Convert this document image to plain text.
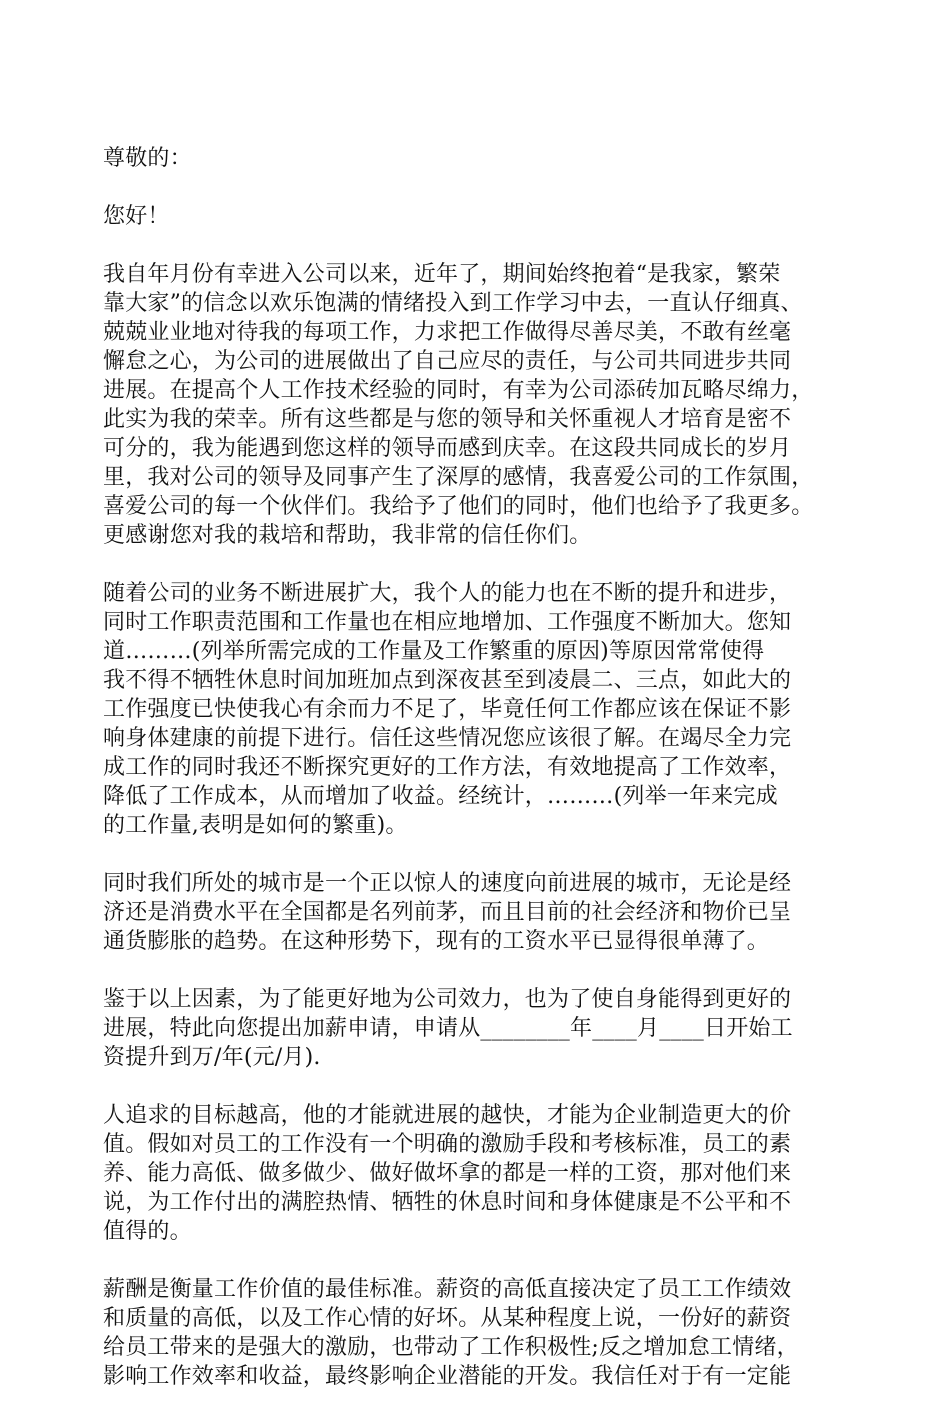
尊敬的：

您好！

我自年月份有幸进入公司以来，近年了，期间始终抱着“是我家，繁荣
靠大家”的信念以欢乐饱满的情绪投入到工作学习中去，一直认仔细真、
兢兢业业地对待我的每项工作，力求把工作做得尽善尽美，不敢有丝毫
懈怠之心，为公司的进展做出了自己应尽的责任，与公司共同进步共同
进展。在提高个人工作技术经验的同时，有幸为公司添砖加瓦略尽绵力，
此实为我的荣幸。所有这些都是与您的领导和关怀重视人才培育是密不
可分的，我为能遇到您这样的领导而感到庆幸。在这段共同成长的岁月
里，我对公司的领导及同事产生了深厚的感情，我喜爱公司的工作氛围，
喜爱公司的每一个伙伴们。我给予了他们的同时，他们也给予了我更多。
更感谢您对我的栽培和帮助，我非常的信任你们。

随着公司的业务不断进展扩大，我个人的能力也在不断的提升和进步，
同时工作职责范围和工作量也在相应地增加、工作强度不断加大。您知
道………(列举所需完成的工作量及工作繁重的原因)等原因常常使得
我不得不牺牲休息时间加班加点到深夜甚至到凌晨二、三点，如此大的
工作强度已快使我心有余而力不足了，毕竟任何工作都应该在保证不影
响身体建康的前提下进行。信任这些情况您应该很了解。在竭尽全力完
成工作的同时我还不断探究更好的工作方法，有效地提高了工作效率，
降低了工作成本，从而增加了收益。经统计，………(列举一年来完成
的工作量,表明是如何的繁重)。

同时我们所处的城市是一个正以惊人的速度向前进展的城市，无论是经
济还是消费水平在全国都是名列前茅，而且目前的社会经济和物价已呈
通货膨胀的趋势。在这种形势下，现有的工资水平已显得很单薄了。

鉴于以上因素，为了能更好地为公司效力，也为了使自身能得到更好的
进展，特此向您提出加薪申请，申请从________年____月____日开始工
资提升到万/年(元/月).

人追求的目标越高，他的才能就进展的越快，才能为企业制造更大的价
值。假如对员工的工作没有一个明确的激励手段和考核标准，员工的素
养、能力高低、做多做少、做好做坏拿的都是一样的工资，那对他们来
说，为工作付出的满腔热情、牺牲的休息时间和身体健康是不公平和不
值得的。

薪酬是衡量工作价值的最佳标准。薪资的高低直接决定了员工工作绩效
和质量的高低，以及工作心情的好坏。从某种程度上说，一份好的薪资
给员工带来的是强大的激励，也带动了工作积极性;反之增加怠工情绪，
影响工作效率和收益，最终影响企业潜能的开发。我信任对于有一定能
